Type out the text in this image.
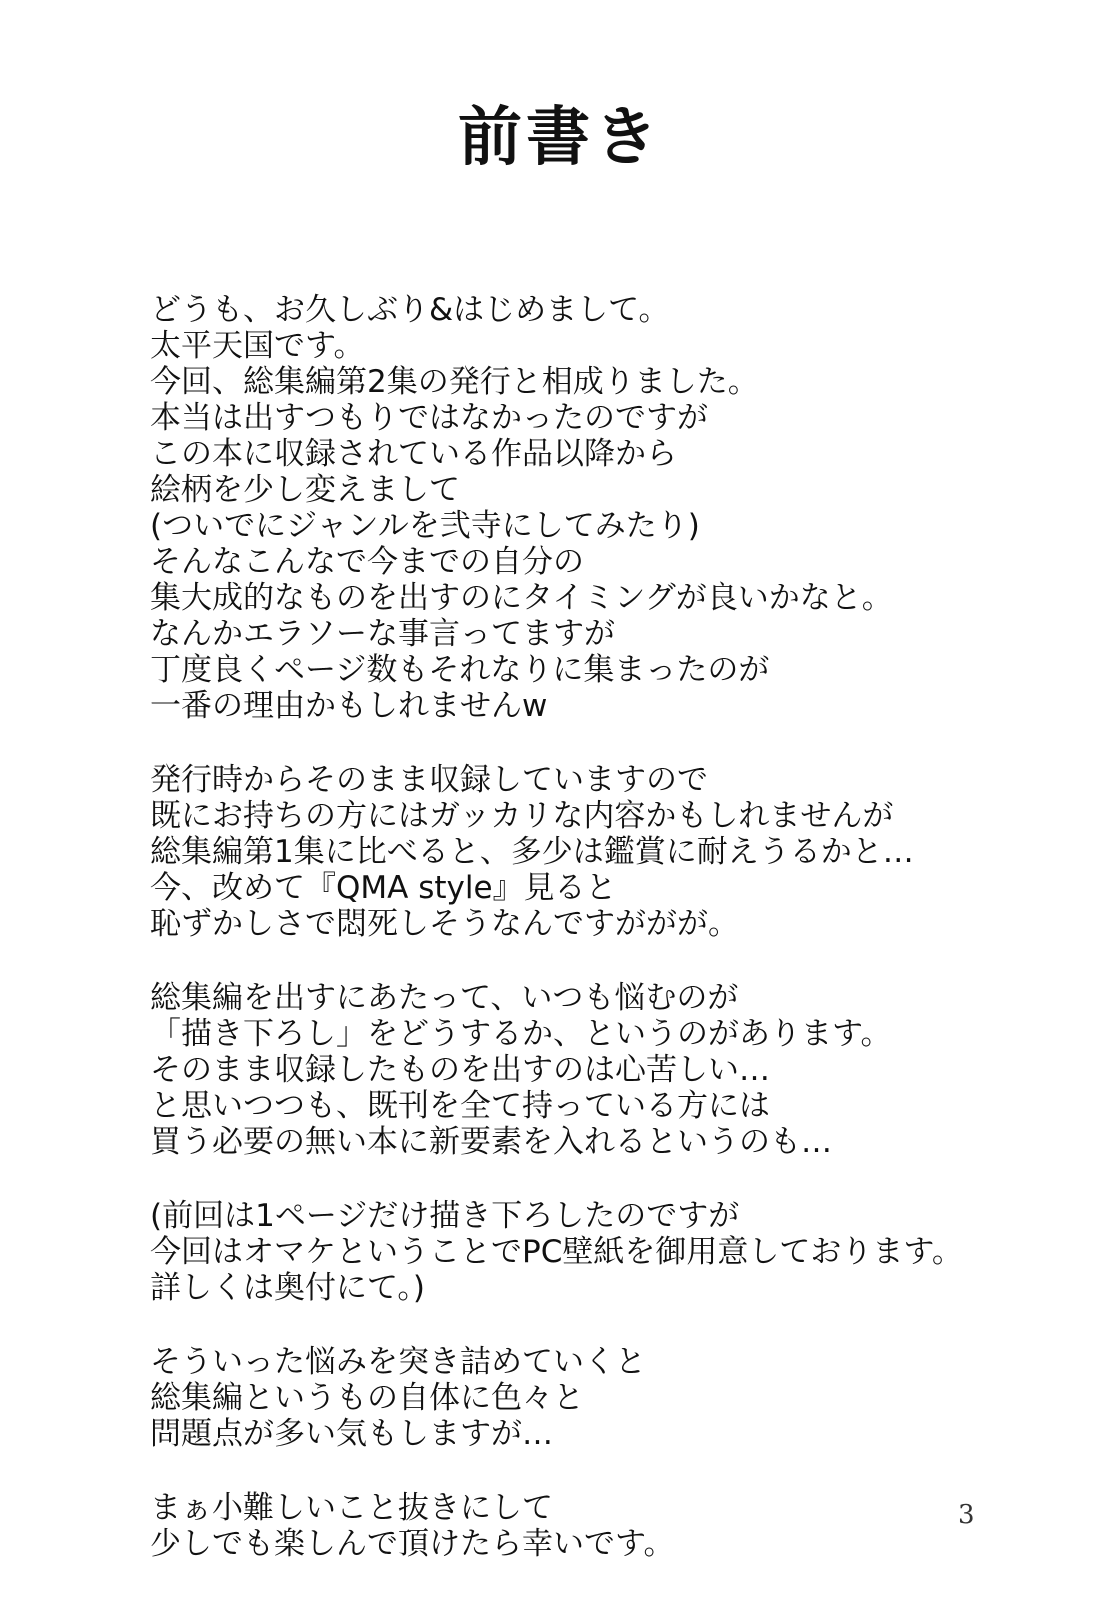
前書き
どうも、お久しぶり&はじめまして。
太平天国です。
今回、総集編第2集の発行と相成りました。
本当は出すつもりではなかったのですが
この本に収録されている作品以降から
絵柄を少し変えまして
(ついでにジャンルを弐寺にしてみたり)
そんなこんなで今までの自分の
集大成的なものを出すのにタイミングが良いかなと。
なんかエラソーな事言ってますが
丁度良くページ数もそれなりに集まったのが
一番の理由かもしれませんw
発行時からそのまま収録していますので
既にお持ちの方にはガッカリな内容かもしれませんが
総集編第1集に比べると、多少は鑑賞に耐えうるかと…
今、改めて『QMA style』見ると
恥ずかしさで悶死しそうなんですががが。
総集編を出すにあたって、いつも悩むのが
「描き下ろし」をどうするか、というのがあります。
そのまま収録したものを出すのは心苦しい…
と思いつつも、既刊を全て持っている方には
買う必要の無い本に新要素を入れるというのも…
(前回は1ページだけ描き下ろしたのですが
今回はオマケということでPC壁紙を御用意しております。
詳しくは奥付にて。)
そういった悩みを突き詰めていくと
総集編というもの自体に色々と
問題点が多い気もしますが…
まぁ小難しいこと抜きにして
少しでも楽しんで頂けたら幸いです。
3
